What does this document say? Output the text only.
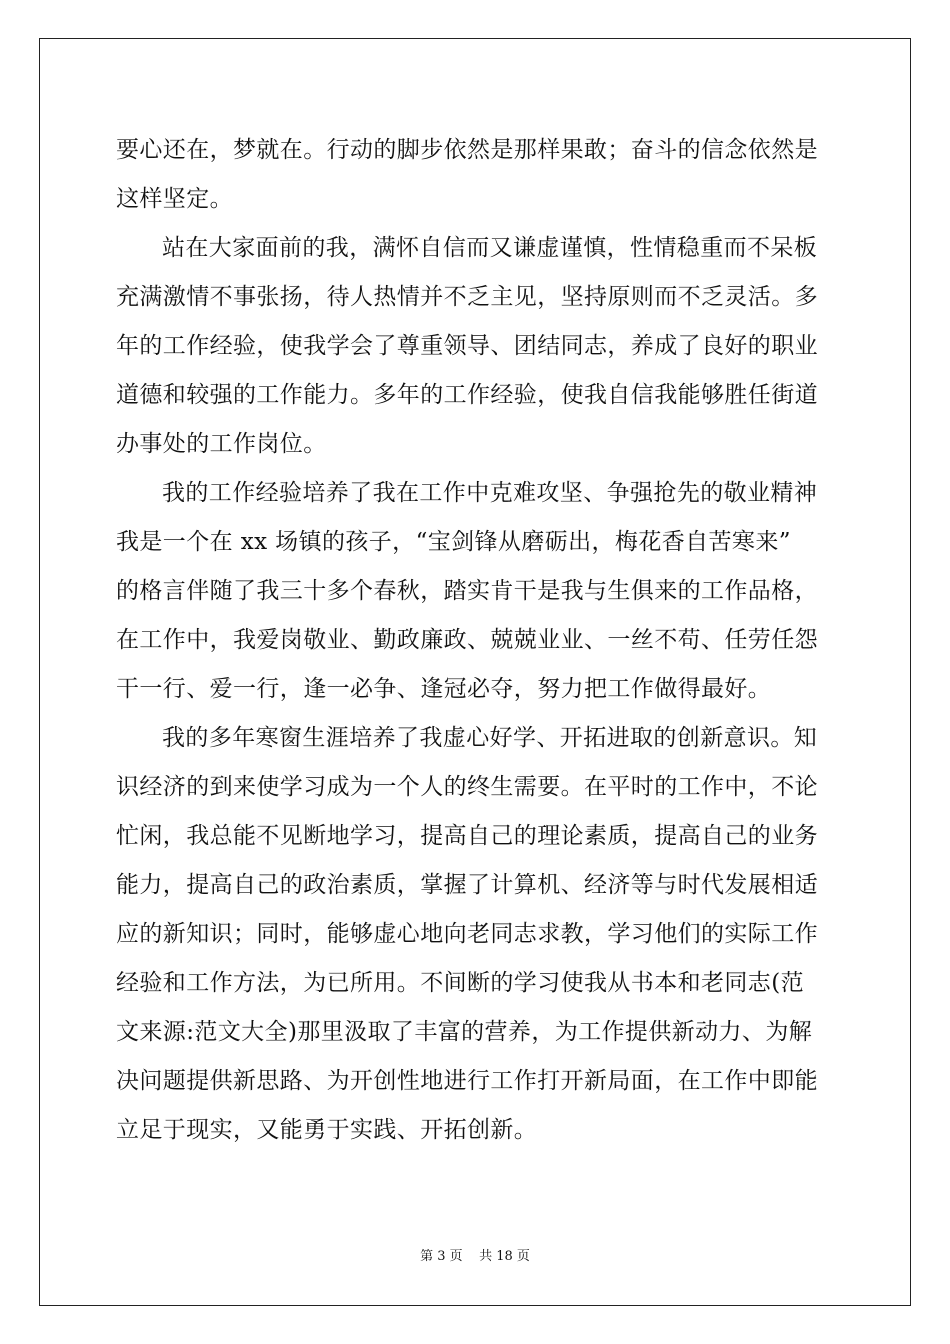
要心还在，梦就在。行动的脚步依然是那样果敢；奋斗的信念依然是
这样坚定。
站在大家面前的我，满怀自信而又谦虚谨慎，性情稳重而不呆板
充满激情不事张扬，待人热情并不乏主见，坚持原则而不乏灵活。多
年的工作经验，使我学会了尊重领导、团结同志，养成了良好的职业
道德和较强的工作能力。多年的工作经验，使我自信我能够胜任街道
办事处的工作岗位。
我的工作经验培养了我在工作中克难攻坚、争强抢先的敬业精神
我是一个在 xx 场镇的孩子，“宝剑锋从磨砺出，梅花香自苦寒来”
的格言伴随了我三十多个春秋，踏实肯干是我与生俱来的工作品格，
在工作中，我爱岗敬业、勤政廉政、兢兢业业、一丝不苟、任劳任怨
干一行、爱一行，逢一必争、逢冠必夺，努力把工作做得最好。
我的多年寒窗生涯培养了我虚心好学、开拓进取的创新意识。知
识经济的到来使学习成为一个人的终生需要。在平时的工作中，不论
忙闲，我总能不见断地学习，提高自己的理论素质，提高自己的业务
能力，提高自己的政治素质，掌握了计算机、经济等与时代发展相适
应的新知识；同时，能够虚心地向老同志求教，学习他们的实际工作
经验和工作方法，为已所用。不间断的学习使我从书本和老同志(范
文来源:范文大全)那里汲取了丰富的营养，为工作提供新动力、为解
决问题提供新思路、为开创性地进行工作打开新局面，在工作中即能
立足于现实，又能勇于实践、开拓创新。
第 3 页    共 18 页
